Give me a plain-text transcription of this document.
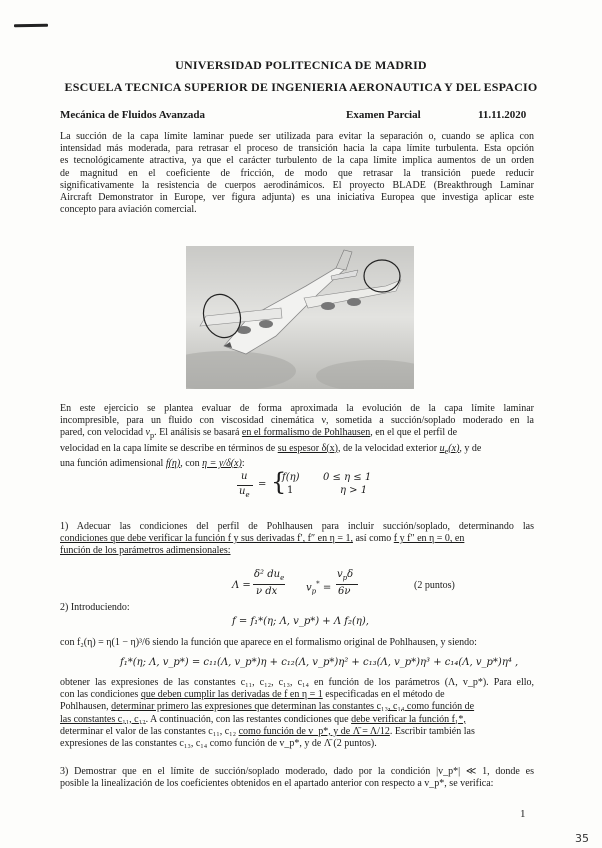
UNIVERSIDAD POLITECNICA DE MADRID
ESCUELA TECNICA SUPERIOR DE INGENIERIA AERONAUTICA Y DEL ESPACIO
Mecánica de Fluidos Avanzada	Examen Parcial	11.11.2020
La succión de la capa límite laminar puede ser utilizada para evitar la separación o, cuando se aplica con
intensidad más moderada, para retrasar el proceso de transición hacia la capa límite turbulenta. Esta opción
es tecnológicamente atractiva, ya que el carácter turbulento de la capa límite implica aumentos de un orden
de magnitud en el coeficiente de fricción, de modo que retrasar la transición puede reducir
significativamente la resistencia de cuerpos aerodinámicos. El proyecto BLADE (Breakthrough Laminar
Aircraft Demonstrator in Europe, ver figura adjunta) es una iniciativa Europea que investiga aplicar este
concepto para aviación comercial.
En este ejercicio se plantea evaluar de forma aproximada la evolución de la capa límite laminar
incompresible, para un fluido con viscosidad cinemática ν, sometida a succión/soplado moderado en la
pared, con velocidad $v_p$. El análisis se basará en el formalismo de Pohlhausen, en el que el perfil de
velocidad en la capa límite se describe en términos de su espesor δ(x), de la velocidad exterior $u_e(x)$, y de
una función adimensional f(η), con η = y/δ(x):
u
$u_e$
= {
f(η) 0 ≤ η ≤ 1
1	η > 1
1) Adecuar las condiciones del perfil de Pohlhausen para incluir succión/soplado, determinando las
condiciones que debe verificar la función f y sus derivadas f′, f″ en η = 1, así como f y f″ en η = 0, en
función de los parámetros adimensionales:
Λ =
δ² $du_e$
ν dx	$v_p^*$ =
$v_p\delta$
6ν
(2 puntos)
2) Introduciendo:
f = f₁*(η; Λ, v_p*) + Λ f₂(η),
con f₂(η) = η(1 − η)³/6 siendo la función que aparece en el formalismo original de Pohlhausen, y siendo:
f₁*(η; Λ, v_p*) = c₁₁(Λ, v_p*)η + c₁₂(Λ, v_p*)η² + c₁₃(Λ, v_p*)η³ + c₁₄(Λ, v_p*)η⁴ ,
obtener las expresiones de las constantes c₁₁, c₁₂, c₁₃, c₁₄ en función de los parámetros (Λ, v_p*). Para ello,
con las condiciones que deben cumplir las derivadas de f en η = 1 especificadas en el método de
Pohlhausen, determinar primero las expresiones que determinan las constantes c₁₃, c₁₄ como función de
las constantes c₁₁, c₁₂. A continuación, con las restantes condiciones que debe verificar la función f₁*,
determinar el valor de las constantes c₁₁, c₁₂ como función de v_p*, y de Λ̄ = Λ/12. Escribir también las
expresiones de las constantes c₁₃, c₁₄ como función de v_p*, y de Λ̄ (2 puntos).
3) Demostrar que en el límite de succión/soplado moderado, dado por la condición |v_p*| ≪ 1, donde es
posible la linealización de los coeficientes obtenidos en el apartado anterior con respecto a v_p*, se verifica:
1
35
